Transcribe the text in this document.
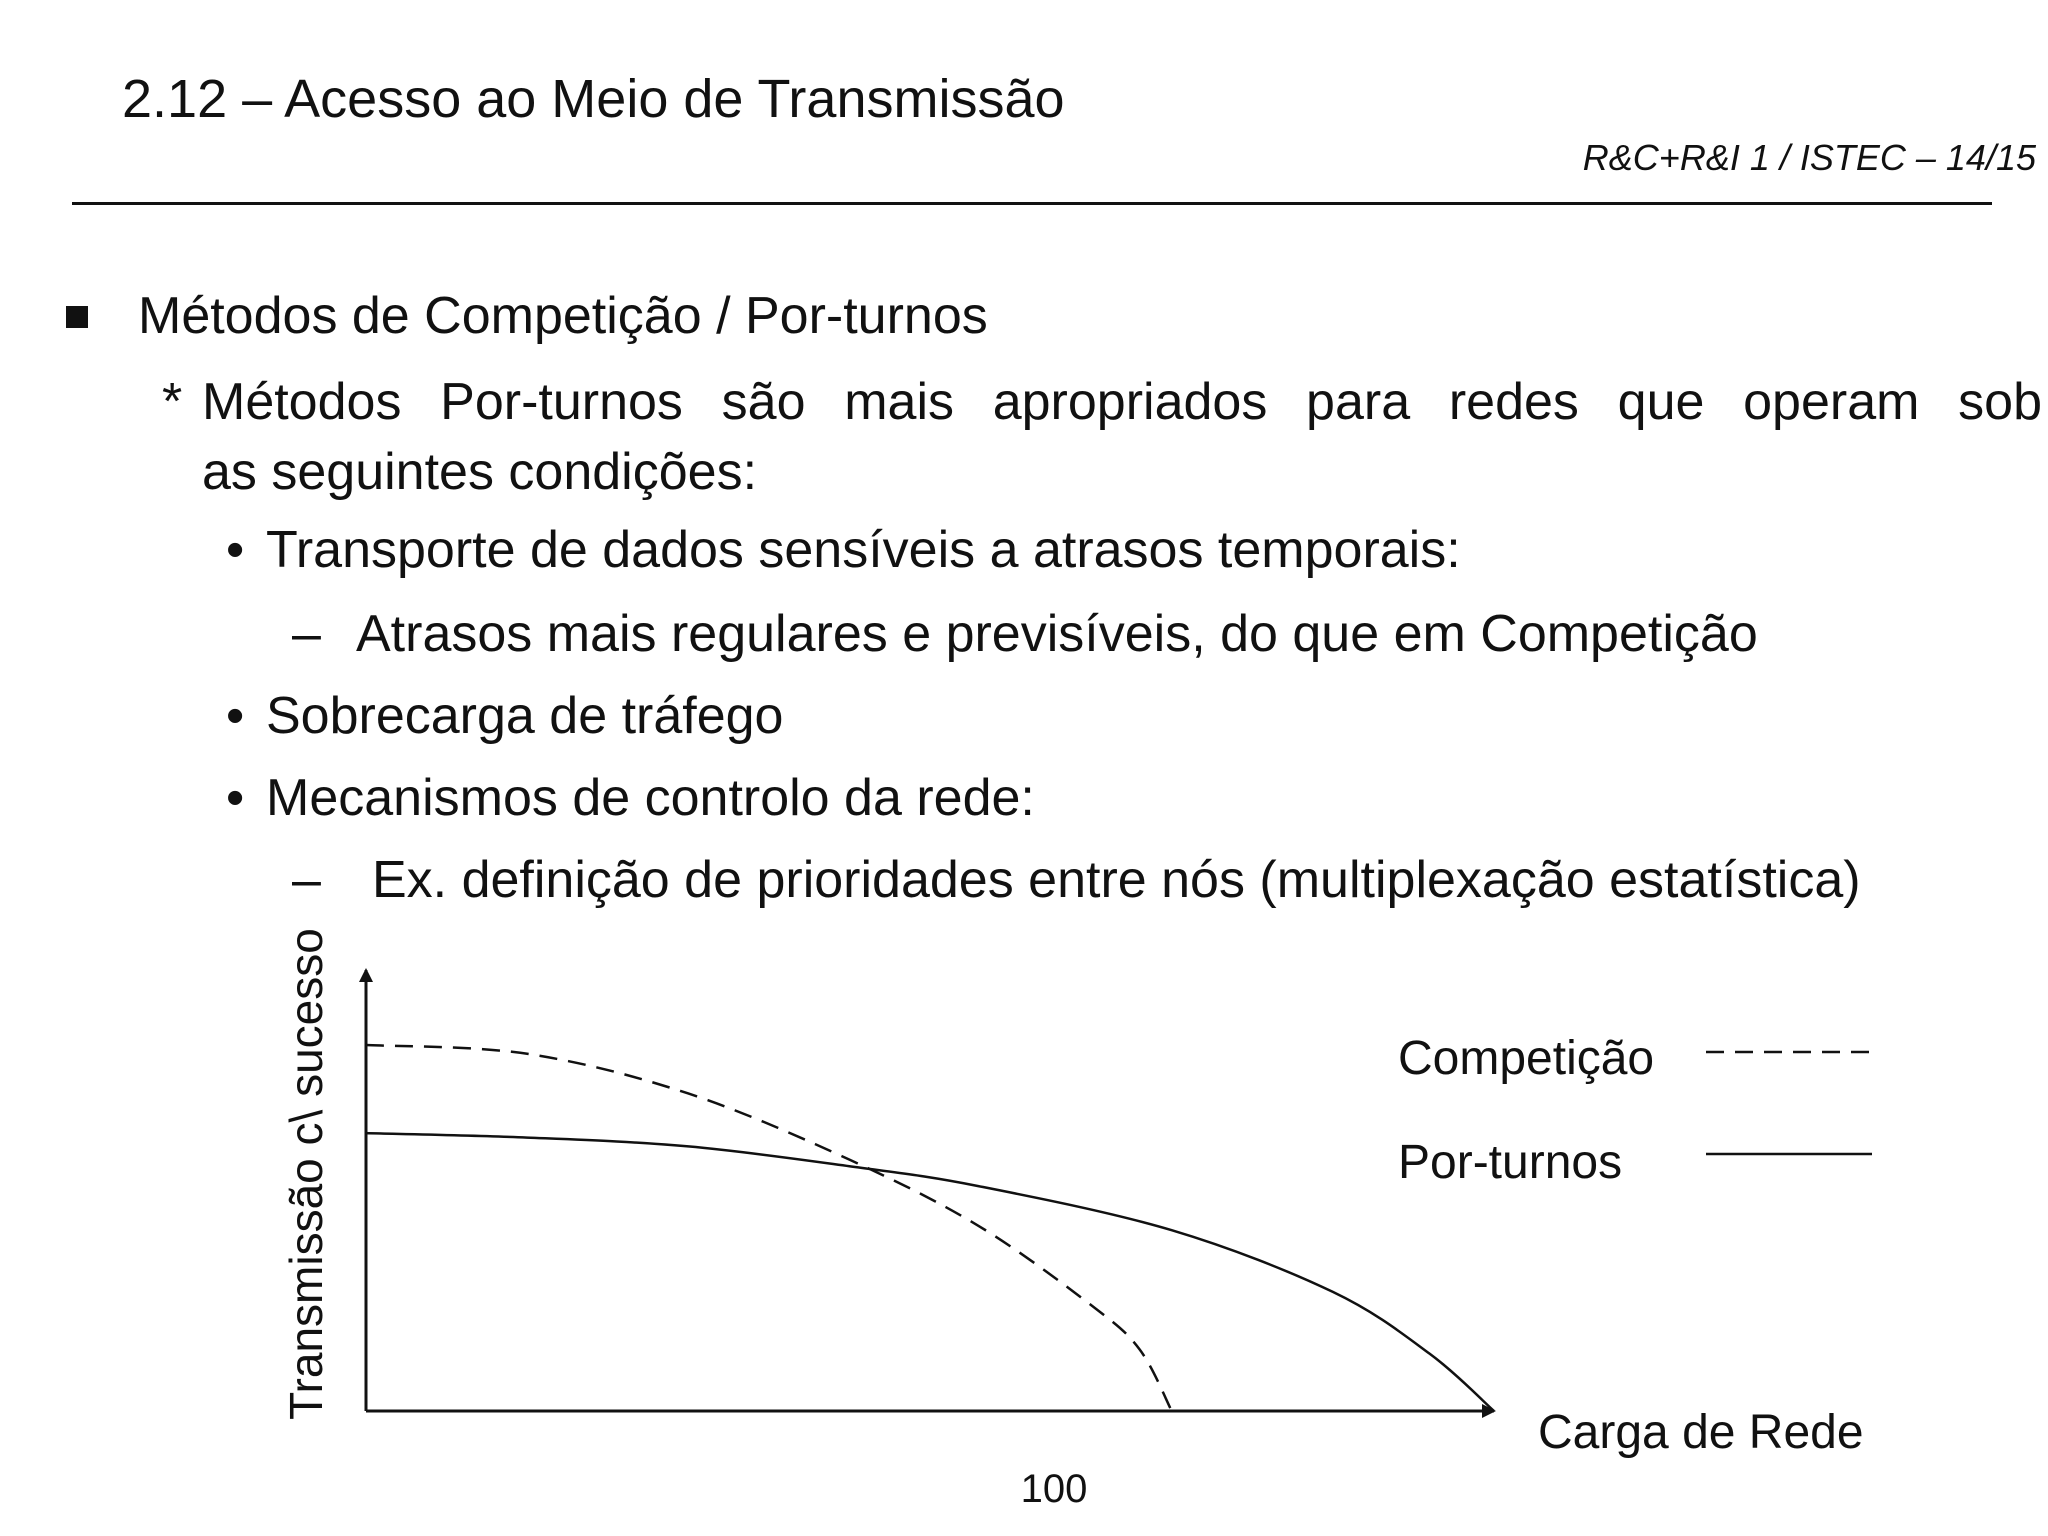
2.12 – Acesso ao Meio de Transmissão
R&C+R&I 1 / ISTEC – 14/15
Métodos de Competição / Por-turnos
* Métodos Por-turnos são mais apropriados para redes que operam sob
as seguintes condições:
• Transporte de dados sensíveis a atrasos temporais:
– Atrasos mais regulares e previsíveis, do que em Competição
• Sobrecarga de tráfego
• Mecanismos de controlo da rede:
– Ex. definição de prioridades entre nós (multiplexação estatística)
Carga de Rede
Transmissão c\ sucesso
100
Competição
Por-turnos
